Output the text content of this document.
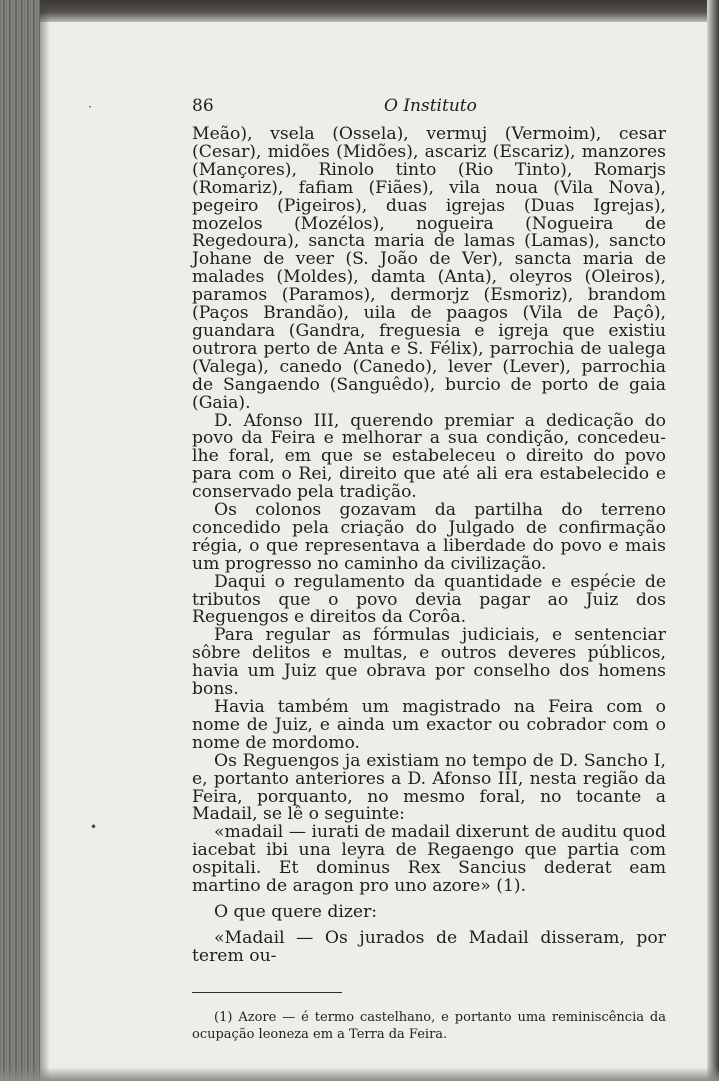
·
•
86	O Instituto

Meão), vsela (Ossela), vermuj (Vermoim), cesar (Cesar), midões (Midões), ascariz (Escariz), manzores (Mançores), Rinolo tinto (Rio Tinto), Romarjs (Romariz), fafiam (Fiães), vila noua (Vila Nova), pegeiro (Pigeiros), duas igrejas (Duas Igrejas), mozelos (Mozélos), nogueira (Nogueira de Regedoura), sancta maria de lamas (Lamas), sancto Johane de veer (S. João de Ver), sancta maria de malades (Moldes), damta (Anta), oleyros (Oleiros), paramos (Paramos), dermorjz (Esmoriz), brandom (Paços Brandão), uila de paagos (Vila de Paçô), guandara (Gandra, freguesia e igreja que existiu outrora perto de Anta e S. Félix), parrochia de ualega (Valega), canedo (Canedo), lever (Lever), parrochia de Sangaendo (Sanguêdo), burcio de porto de gaia (Gaia).

D. Afonso III, querendo premiar a dedicação do povo da Feira e melhorar a sua condição, concedeu-lhe foral, em que se estabeleceu o direito do povo para com o Rei, direito que até ali era estabelecido e conservado pela tradição.

Os colonos gozavam da partilha do terreno concedido pela criação do Julgado de confirmação régia, o que representava a liberdade do povo e mais um progresso no caminho da civilização.

Daqui o regulamento da quantidade e espécie de tributos que o povo devia pagar ao Juiz dos Reguengos e direitos da Corôa.

Para regular as fórmulas judiciais, e sentenciar sôbre delitos e multas, e outros deveres públicos, havia um Juiz que obrava por conselho dos homens bons.

Havia também um magistrado na Feira com o nome de Juiz, e ainda um exactor ou cobrador com o nome de mordomo.

Os Reguengos ja existiam no tempo de D. Sancho I, e, portanto anteriores a D. Afonso III, nesta região da Feira, porquanto, no mesmo foral, no tocante a Madail, se lê o seguinte:

«madail — iurati de madail dixerunt de auditu quod iacebat ibi una leyra de Regaengo que partia com ospitali. Et dominus Rex Sancius dederat eam martino de aragon pro uno azore» (1).

O que quere dizer:

«Madail — Os jurados de Madail disseram, por terem ou-

(1) Azore — é termo castelhano, e portanto uma reminiscência da ocupação leoneza em a Terra da Feira.
